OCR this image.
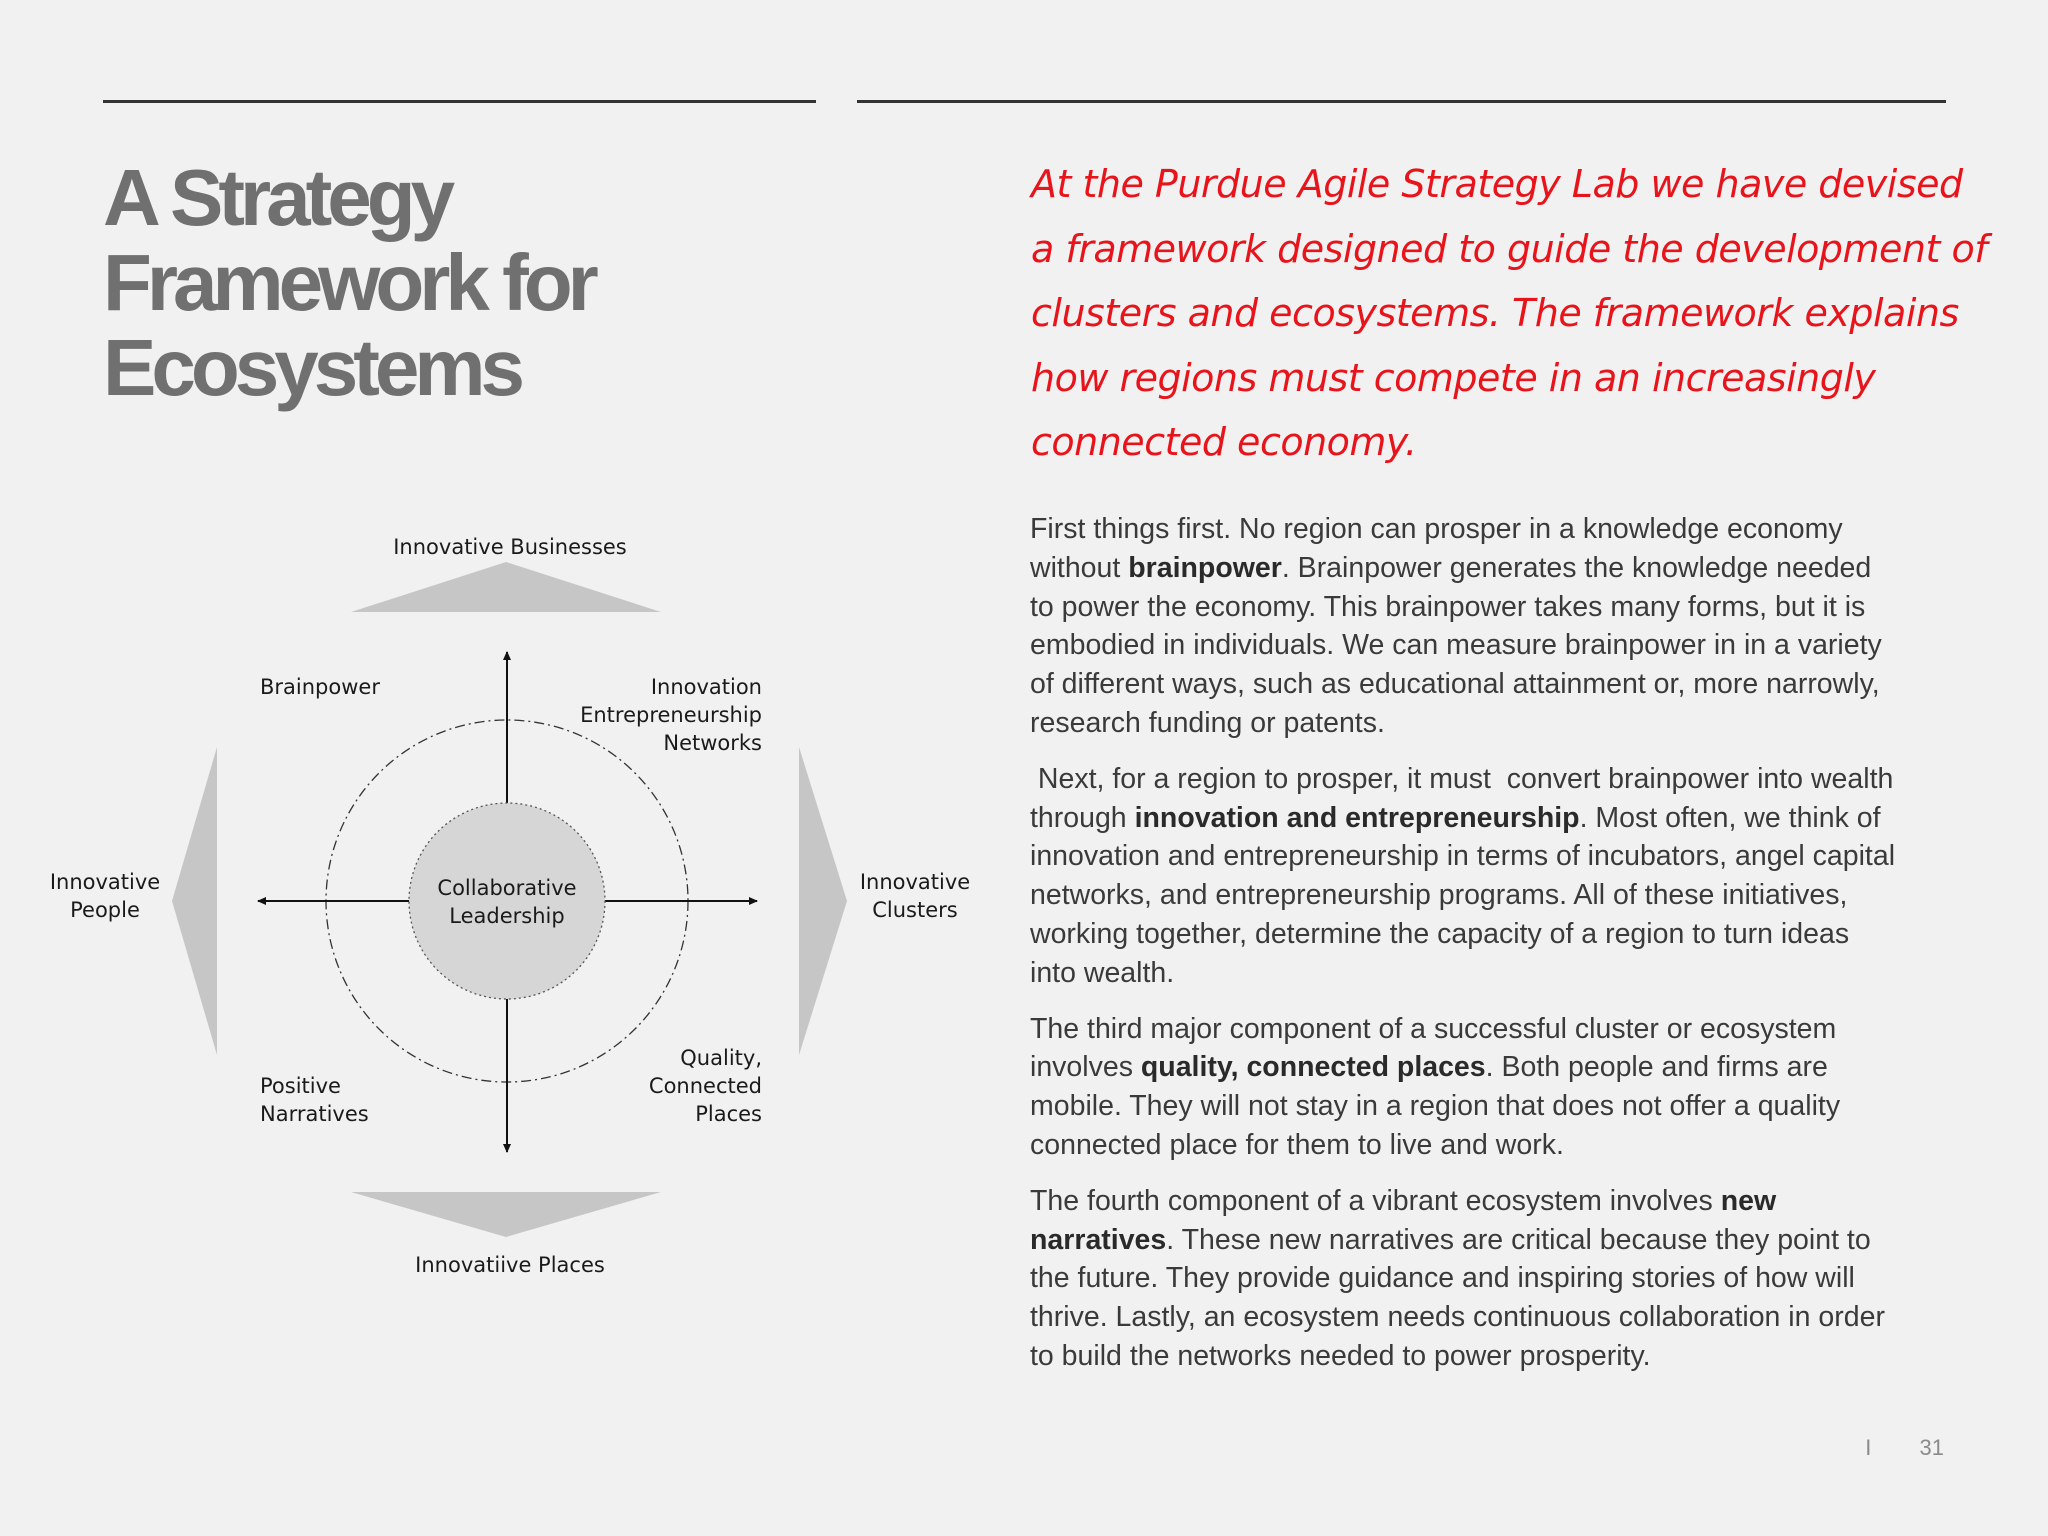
A Strategy
Framework for
Ecosystems

At the Purdue Agile Strategy Lab we have devised
a framework designed to guide the development of
clusters and ecosystems. The framework explains
how regions must compete in an increasingly
connected economy.

Innovative Businesses
Innovatiive Places
Innovative
People
Innovative
Clusters
Collaborative
Leadership
Brainpower	Innovation
Entrepreneurship
Networks
Positive
Narratives
Quality,
Connected
Places

First things first. No region can prosper in a knowledge economy
without brainpower. Brainpower generates the knowledge needed
to power the economy. This brainpower takes many forms, but it is
embodied in individuals. We can measure brainpower in in a variety
of different ways, such as educational attainment or, more narrowly,
research funding or patents.

Next, for a region to prosper, it must  convert brainpower into wealth
through innovation and entrepreneurship. Most often, we think of
innovation and entrepreneurship in terms of incubators, angel capital
networks, and entrepreneurship programs. All of these initiatives,
working together, determine the capacity of a region to turn ideas
into wealth.

The third major component of a successful cluster or ecosystem
involves quality, connected places. Both people and firms are
mobile. They will not stay in a region that does not offer a quality
connected place for them to live and work.

The fourth component of a vibrant ecosystem involves new
narratives. These new narratives are critical because they point to
the future. They provide guidance and inspiring stories of how will
thrive. Lastly, an ecosystem needs continuous collaboration in order
to build the networks needed to power prosperity.

I 31
